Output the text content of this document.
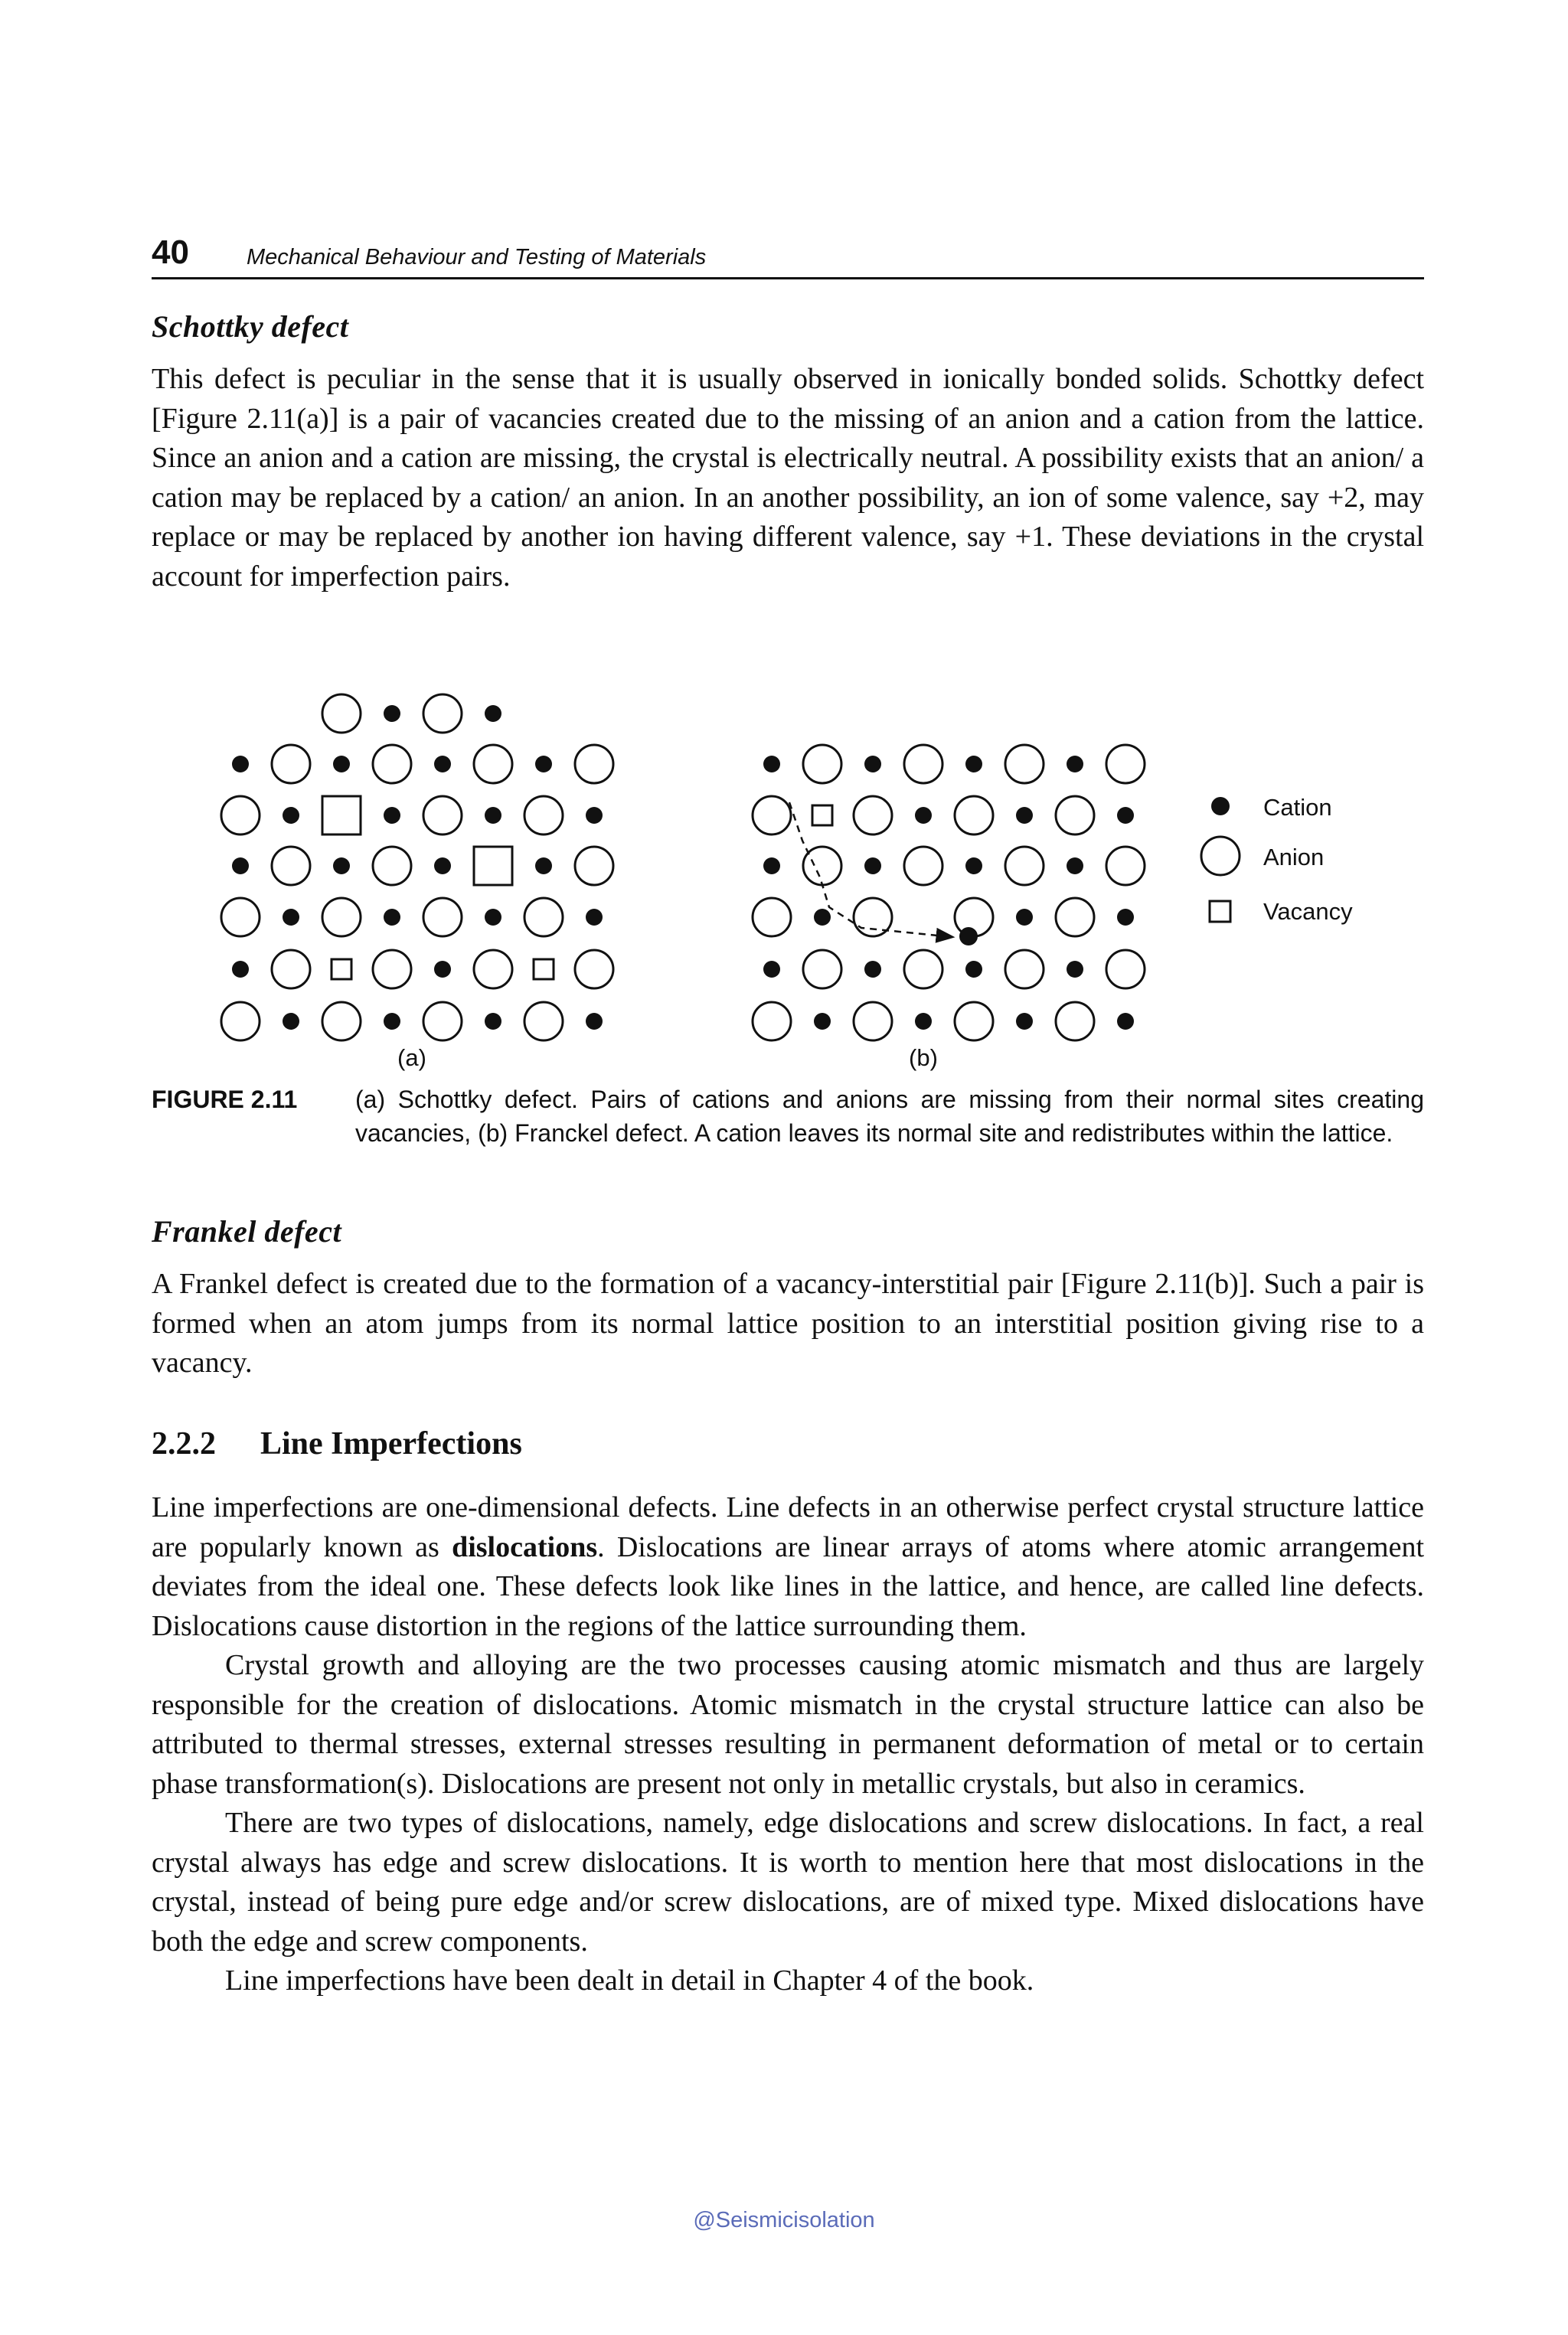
40	Mechanical Behaviour and Testing of Materials
Schottky defect

This defect is peculiar in the sense that it is usually observed in ionically bonded solids. Schottky defect [Figure 2.11(a)] is a pair of vacancies created due to the missing of an anion and a cation from the lattice. Since an anion and a cation are missing, the crystal is electrically neutral. A possibility exists that an anion/ a cation may be replaced by a cation/ an anion. In an another possibility, an ion of some valence, say +2, may replace or may be replaced by another ion having different valence, say +1. These deviations in the crystal account for imperfection pairs.

(a)	(b)
Cation
Anion
Vacancy
FIGURE 2.11 (a) Schottky defect. Pairs of cations and anions are missing from their normal sites creating vacancies, (b) Franckel defect. A cation leaves its normal site and redistributes within the lattice.
Frankel defect

A Frankel defect is created due to the formation of a vacancy-interstitial pair [Figure 2.11(b)]. Such a pair is formed when an atom jumps from its normal lattice position to an interstitial position giving rise to a vacancy.

2.2.2 Line Imperfections

Line imperfections are one-dimensional defects. Line defects in an otherwise perfect crystal structure lattice are popularly known as dislocations. Dislocations are linear arrays of atoms where atomic arrangement deviates from the ideal one. These defects look like lines in the lattice, and hence, are called line defects. Dislocations cause distortion in the regions of the lattice surrounding them.

Crystal growth and alloying are the two processes causing atomic mismatch and thus are largely responsible for the creation of dislocations. Atomic mismatch in the crystal structure lattice can also be attributed to thermal stresses, external stresses resulting in permanent deformation of metal or to certain phase transformation(s). Dislocations are present not only in metallic crystals, but also in ceramics.

There are two types of dislocations, namely, edge dislocations and screw dislocations. In fact, a real crystal always has edge and screw dislocations. It is worth to mention here that most dislocations in the crystal, instead of being pure edge and/or screw dislocations, are of mixed type. Mixed dislocations have both the edge and screw components.

Line imperfections have been dealt in detail in Chapter 4 of the book.

@Seismicisolation
